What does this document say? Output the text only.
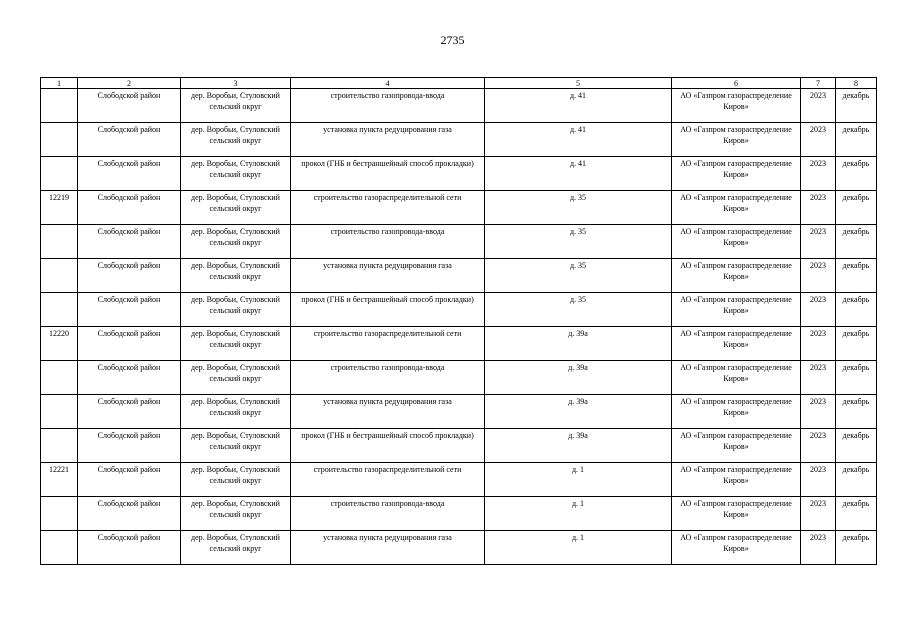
2735
1	2	3	4	5	6	7	8
	Слободской район	дер. Воробьи, Стуловский сельский округ	строительство газопровода-ввода	д. 41	АО «Газпром газораспределение Киров»	2023	декабрь
	Слободской район	дер. Воробьи, Стуловский сельский округ	установка пункта редуцирования газа	д. 41	АО «Газпром газораспределение Киров»	2023	декабрь
	Слободской район	дер. Воробьи, Стуловский сельский округ	прокол (ГНБ и бестраншейный способ прокладки)	д. 41	АО «Газпром газораспределение Киров»	2023	декабрь
12219	Слободской район	дер. Воробьи, Стуловский сельский округ	строительство газораспределительной сети	д. 35	АО «Газпром газораспределение Киров»	2023	декабрь
	Слободской район	дер. Воробьи, Стуловский сельский округ	строительство газопровода-ввода	д. 35	АО «Газпром газораспределение Киров»	2023	декабрь
	Слободской район	дер. Воробьи, Стуловский сельский округ	установка пункта редуцирования газа	д. 35	АО «Газпром газораспределение Киров»	2023	декабрь
	Слободской район	дер. Воробьи, Стуловский сельский округ	прокол (ГНБ и бестраншейный способ прокладки)	д. 35	АО «Газпром газораспределение Киров»	2023	декабрь
12220	Слободской район	дер. Воробьи, Стуловский сельский округ	строительство газораспределительной сети	д. 39а	АО «Газпром газораспределение Киров»	2023	декабрь
	Слободской район	дер. Воробьи, Стуловский сельский округ	строительство газопровода-ввода	д. 39а	АО «Газпром газораспределение Киров»	2023	декабрь
	Слободской район	дер. Воробьи, Стуловский сельский округ	установка пункта редуцирования газа	д. 39а	АО «Газпром газораспределение Киров»	2023	декабрь
	Слободской район	дер. Воробьи, Стуловский сельский округ	прокол (ГНБ и бестраншейный способ прокладки)	д. 39а	АО «Газпром газораспределение Киров»	2023	декабрь
12221	Слободской район	дер. Воробьи, Стуловский сельский округ	строительство газораспределительной сети	д. 1	АО «Газпром газораспределение Киров»	2023	декабрь
	Слободской район	дер. Воробьи, Стуловский сельский округ	строительство газопровода-ввода	д. 1	АО «Газпром газораспределение Киров»	2023	декабрь
	Слободской район	дер. Воробьи, Стуловский сельский округ	установка пункта редуцирования газа	д. 1	АО «Газпром газораспределение Киров»	2023	декабрь
